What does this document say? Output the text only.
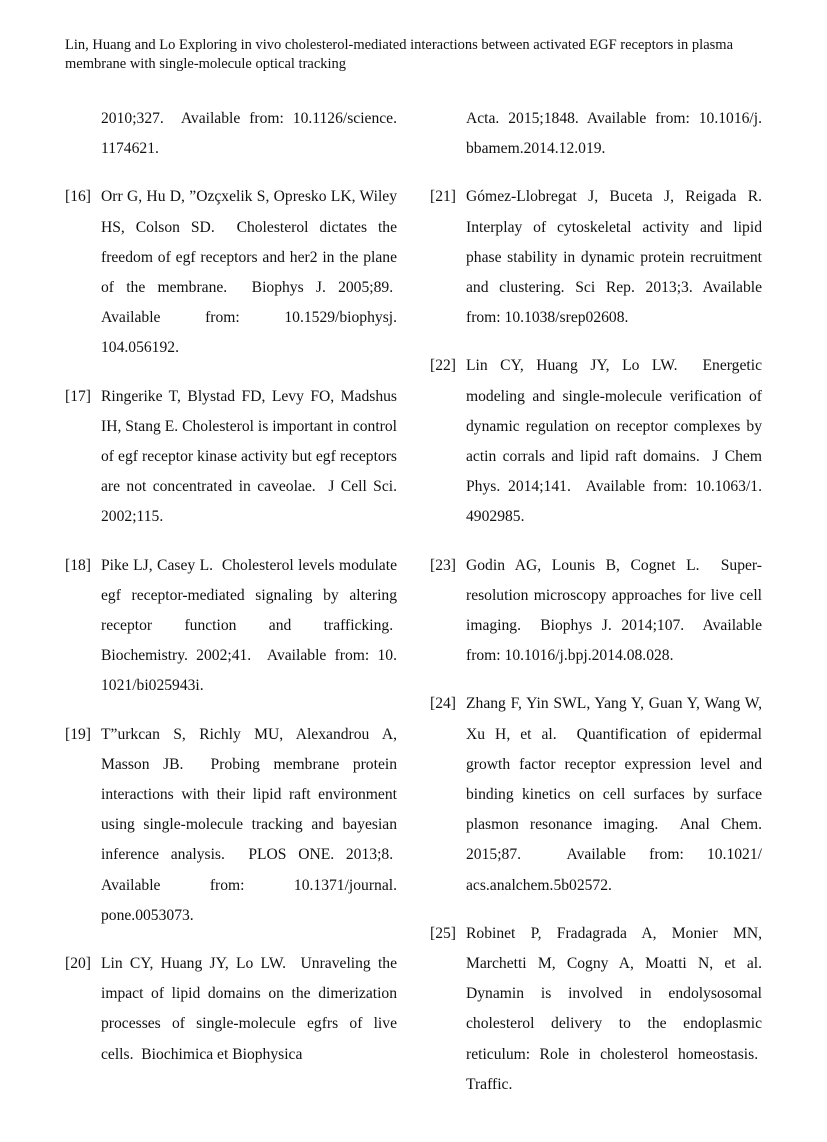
Lin, Huang and Lo Exploring in vivo cholesterol-mediated interactions between activated EGF receptors in plasma membrane with single-molecule optical tracking
2010;327.  Available from: 10.1126/science. 1174621.
[16] Orr G, Hu D, ”Ozçxelik S, Opresko LK, Wiley HS, Colson SD.  Cholesterol dictates the freedom of egf receptors and her2 in the plane of the membrane.  Biophys J. 2005;89.  Available from: 10.1529/biophysj. 104.056192.
[17] Ringerike T, Blystad FD, Levy FO, Madshus IH, Stang E. Cholesterol is important in control of egf receptor kinase activity but egf receptors are not concentrated in caveolae.  J Cell Sci. 2002;115.
[18] Pike LJ, Casey L.  Cholesterol levels modulate egf receptor-mediated signaling by altering receptor function and trafficking.  Biochemistry. 2002;41.  Available from: 10. 1021/bi025943i.
[19] T”urkcan S, Richly MU, Alexandrou A, Masson JB.  Probing membrane protein interactions with their lipid raft environment using single-molecule tracking and bayesian inference analysis.  PLOS ONE. 2013;8.  Available from: 10.1371/journal. pone.0053073.
[20] Lin CY, Huang JY, Lo LW.  Unraveling the impact of lipid domains on the dimerization processes of single-molecule egfrs of live cells.  Biochimica et Biophysica
Acta. 2015;1848. Available from: 10.1016/j. bbamem.2014.12.019.
[21] Gómez-Llobregat J, Buceta J, Reigada R. Interplay of cytoskeletal activity and lipid phase stability in dynamic protein recruitment and clustering. Sci Rep. 2013;3. Available from: 10.1038/srep02608.
[22] Lin CY, Huang JY, Lo LW.  Energetic modeling and single-molecule verification of dynamic regulation on receptor complexes by actin corrals and lipid raft domains.  J Chem Phys. 2014;141.  Available from: 10.1063/1. 4902985.
[23] Godin AG, Lounis B, Cognet L.  Super-resolution microscopy approaches for live cell imaging.  Biophys J. 2014;107.  Available from: 10.1016/j.bpj.2014.08.028.
[24] Zhang F, Yin SWL, Yang Y, Guan Y, Wang W, Xu H, et al.  Quantification of epidermal growth factor receptor expression level and binding kinetics on cell surfaces by surface plasmon resonance imaging.  Anal Chem. 2015;87.  Available from: 10.1021/ acs.analchem.5b02572.
[25] Robinet P, Fradagrada A, Monier MN, Marchetti M, Cogny A, Moatti N, et al. Dynamin is involved in endolysosomal cholesterol delivery to the endoplasmic reticulum: Role in cholesterol homeostasis.  Traffic.
